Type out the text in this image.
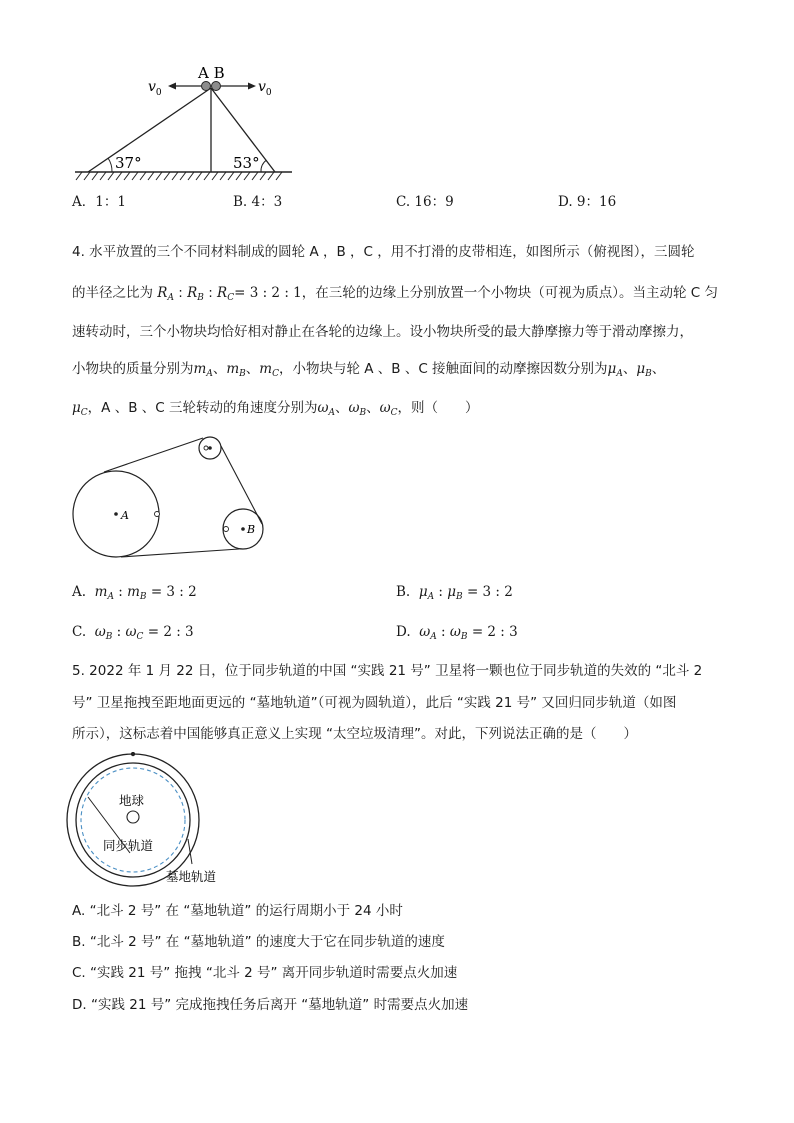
A B
$v_0$	$v_0$
37°	53°
A．1：1	B. 4：3	C. 16：9	D. 9：16
4. 水平放置的三个不同材料制成的圆轮 A ，B ，C ，用不打滑的皮带相连，如图所示（俯视图），三圆轮
的半径之比为 $R_A$ : $R_B$ : $R_C= 3$ : 2 : 1，在三轮的边缘上分别放置一个小物块（可视为质点）。当主动轮 C 匀
速转动时，三个小物块均恰好相对静止在各轮的边缘上。设小物块所受的最大静摩擦力等于滑动摩擦力，
小物块的质量分别为$m_A$、$m_B$、$m_C$，小物块与轮 A 、B 、C 接触面间的动摩擦因数分别为$\mu_A$、$\mu_B$、
$\mu_C$，A 、B 、C 三轮转动的角速度分别为$\omega_A$、$\omega_B$、$\omega_C$，则（　　）
A
B
A. $m_A$ : $m_B = 3$ : 2	B. $\mu_A$ : $\mu_B = 3$ : 2
C. $\omega_B$ : $\omega_C = 2$ : 3	D. $\omega_A$ : $\omega_B = 2$ : 3
5. 2022 年 1 月 22 日，位于同步轨道的中国 “实践 21 号” 卫星将一颗也位于同步轨道的失效的 “北斗 2
号” 卫星拖拽至距地面更远的 “墓地轨道”（可视为圆轨道），此后 “实践 21 号” 又回归同步轨道（如图
所示），这标志着中国能够真正意义上实现 “太空垃圾清理”。对此，下列说法正确的是（　　）
地球
同步轨道
墓地轨道
A. “北斗 2 号” 在 “墓地轨道” 的运行周期小于 24 小时
B. “北斗 2 号” 在 “墓地轨道” 的速度大于它在同步轨道的速度
C. “实践 21 号” 拖拽 “北斗 2 号” 离开同步轨道时需要点火加速
D. “实践 21 号” 完成拖拽任务后离开 “墓地轨道” 时需要点火加速
